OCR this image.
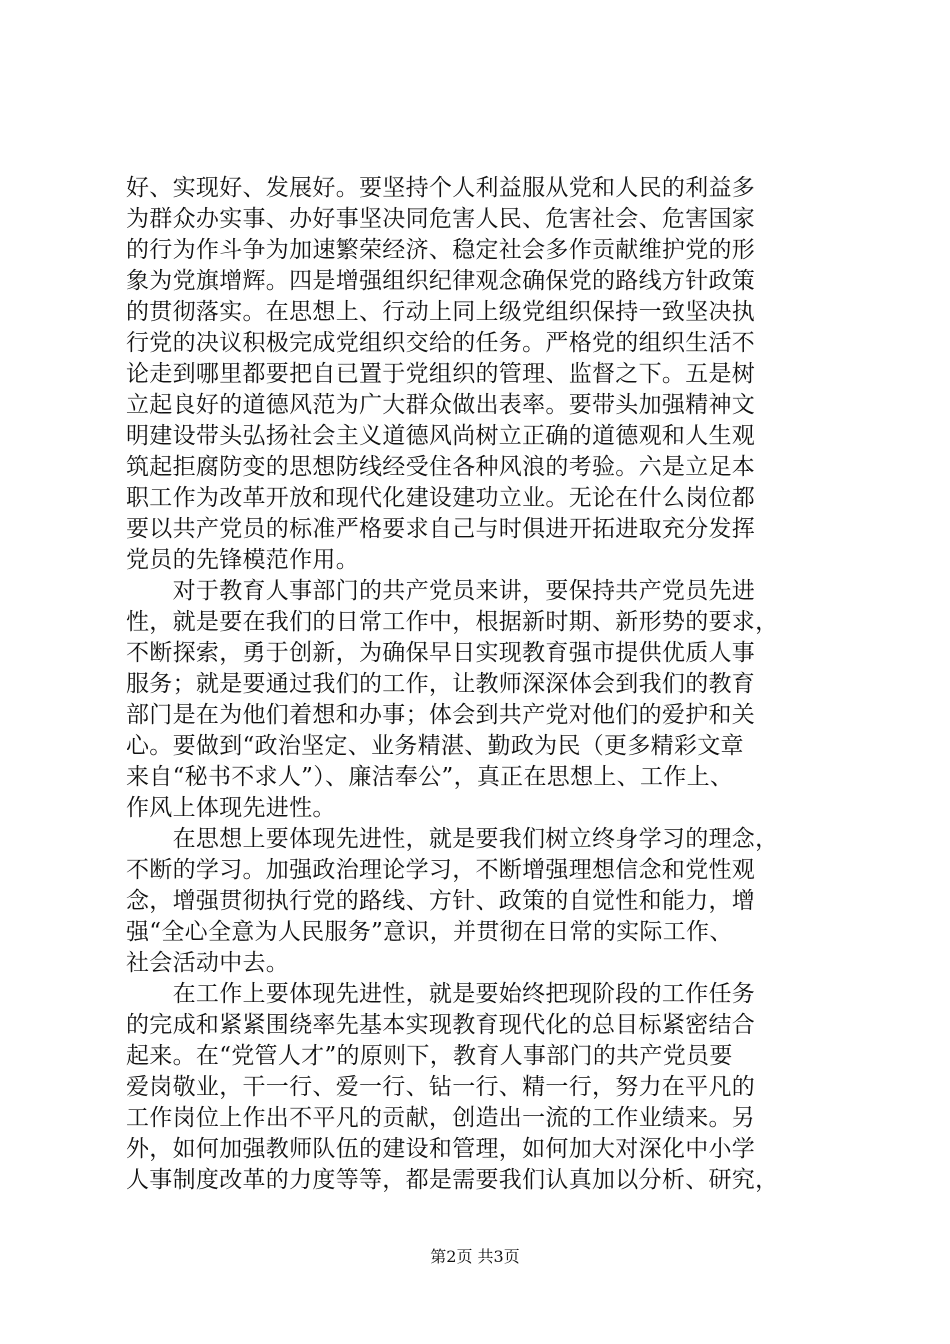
好、实现好、发展好。要坚持个人利益服从党和人民的利益多
为群众办实事、办好事坚决同危害人民、危害社会、危害国家
的行为作斗争为加速繁荣经济、稳定社会多作贡献维护党的形
象为党旗增辉。四是增强组织纪律观念确保党的路线方针政策
的贯彻落实。在思想上、行动上同上级党组织保持一致坚决执
行党的决议积极完成党组织交给的任务。严格党的组织生活不
论走到哪里都要把自已置于党组织的管理、监督之下。五是树
立起良好的道德风范为广大群众做出表率。要带头加强精神文
明建设带头弘扬社会主义道德风尚树立正确的道德观和人生观
筑起拒腐防变的思想防线经受住各种风浪的考验。六是立足本
职工作为改革开放和现代化建设建功立业。无论在什么岗位都
要以共产党员的标准严格要求自己与时俱进开拓进取充分发挥
党员的先锋模范作用。
　　对于教育人事部门的共产党员来讲，要保持共产党员先进
性，就是要在我们的日常工作中，根据新时期、新形势的要求，
不断探索，勇于创新，为确保早日实现教育强市提供优质人事
服务；就是要通过我们的工作，让教师深深体会到我们的教育
部门是在为他们着想和办事；体会到共产党对他们的爱护和关
心。要做到“政治坚定、业务精湛、勤政为民（更多精彩文章
来自“秘书不求人”）、廉洁奉公”，真正在思想上、工作上、
作风上体现先进性。
　　在思想上要体现先进性，就是要我们树立终身学习的理念，
不断的学习。加强政治理论学习，不断增强理想信念和党性观
念，增强贯彻执行党的路线、方针、政策的自觉性和能力，增
强“全心全意为人民服务”意识，并贯彻在日常的实际工作、
社会活动中去。
　　在工作上要体现先进性，就是要始终把现阶段的工作任务
的完成和紧紧围绕率先基本实现教育现代化的总目标紧密结合
起来。在“党管人才”的原则下，教育人事部门的共产党员要
爱岗敬业，干一行、爱一行、钻一行、精一行，努力在平凡的
工作岗位上作出不平凡的贡献，创造出一流的工作业绩来。另
外，如何加强教师队伍的建设和管理，如何加大对深化中小学
人事制度改革的力度等等，都是需要我们认真加以分析、研究，
第2页 共3页
